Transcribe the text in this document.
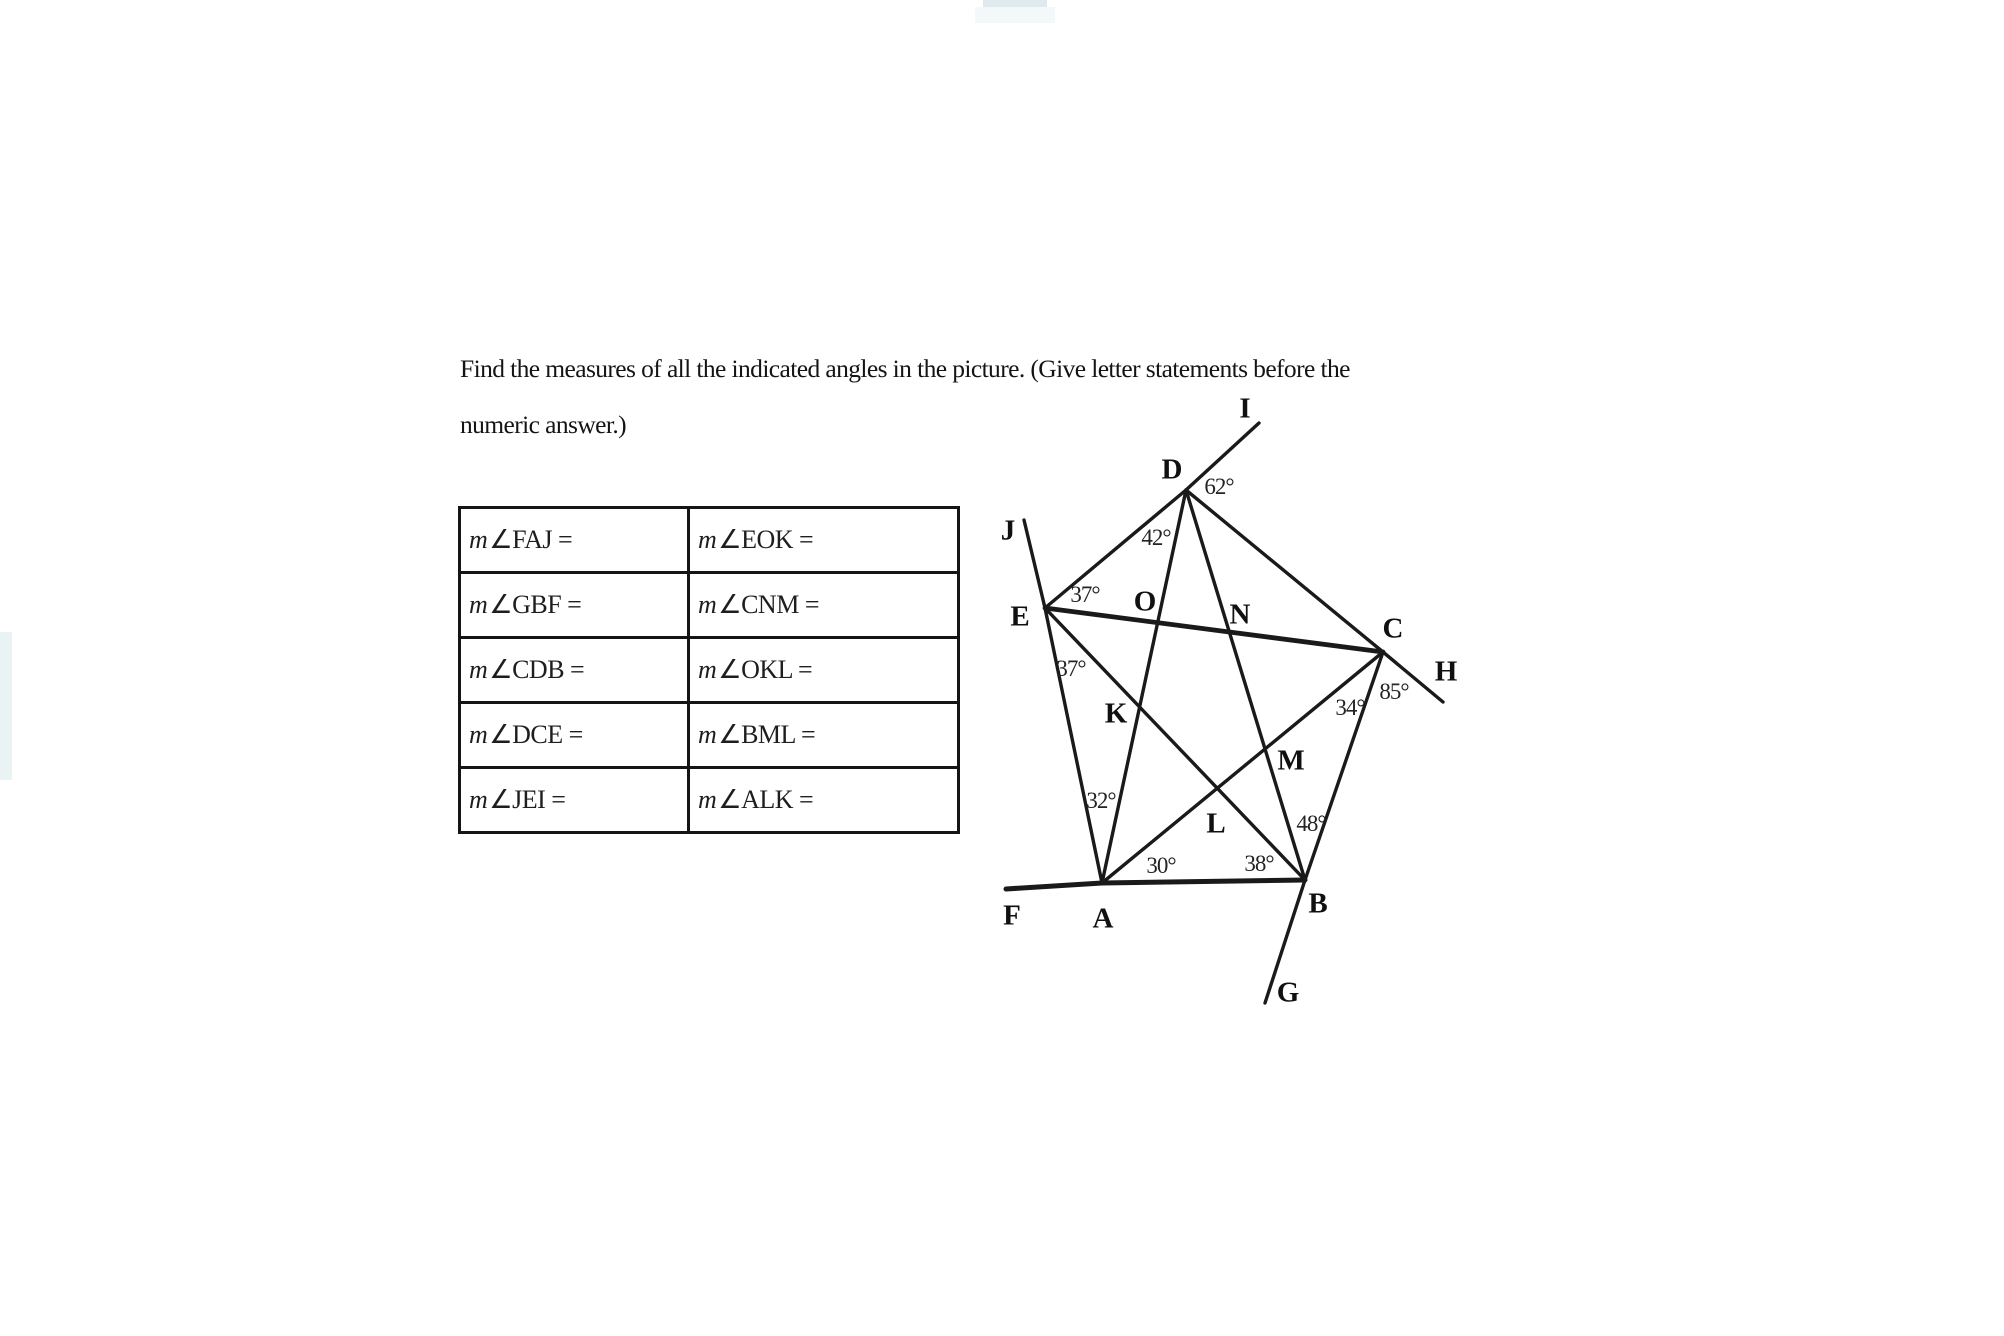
Find the measures of all the indicated angles in the picture. (Give letter statements before the
numeric answer.)
m∠FAJ =	m∠EOK =
m∠GBF =	m∠CNM =
m∠CDB =	m∠OKL =
m∠DCE =	m∠BML =
m∠JEI =	m∠ALK =
A	B
C
D
E
F
G
H
I
J
K
L
M
N
O
62°
42°
37°
37°
32°
30°	38°
48°
34°
85°
